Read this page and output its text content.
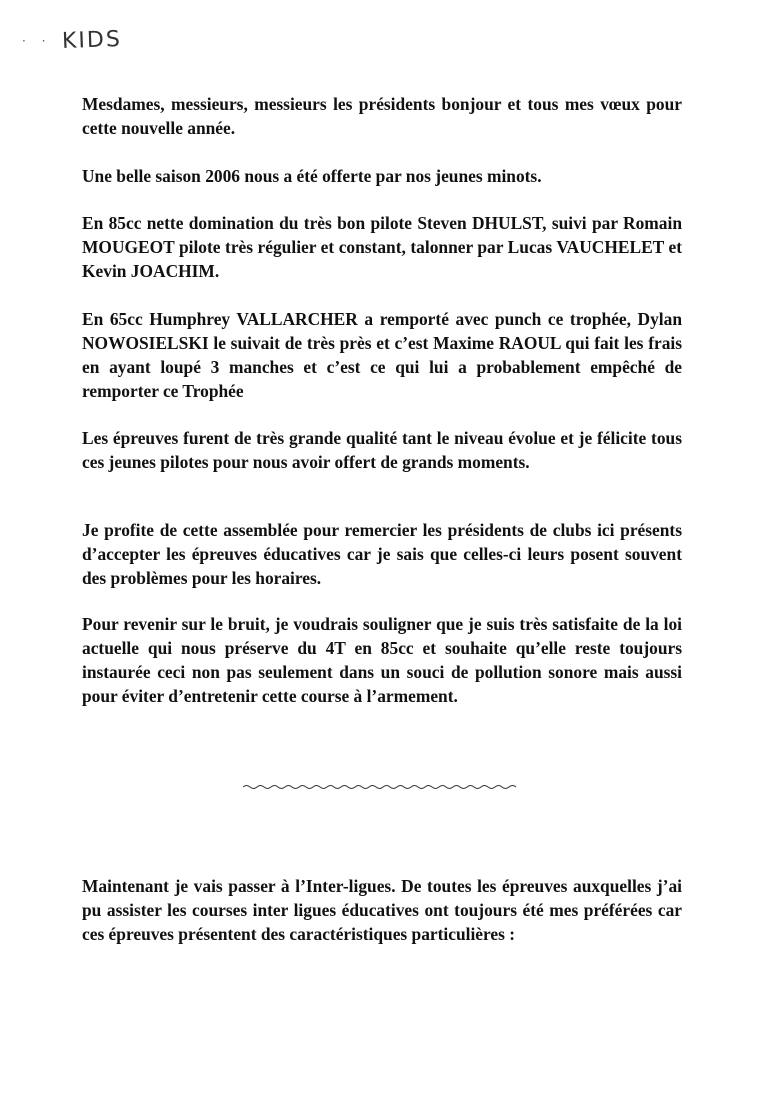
· · KIDS

Mesdames, messieurs, messieurs les présidents bonjour et tous mes vœux pour cette nouvelle année.

Une belle saison 2006 nous a été offerte par nos jeunes minots.

En 85cc nette domination du très bon pilote Steven DHULST, suivi par Romain MOUGEOT pilote très régulier et constant, talonner par Lucas VAUCHELET et Kevin JOACHIM.

En 65cc Humphrey VALLARCHER a remporté avec punch ce trophée, Dylan NOWOSIELSKI le suivait de très près et c’est Maxime RAOUL qui fait les frais en ayant loupé 3 manches et c’est ce qui lui a probablement empêché de remporter ce Trophée

Les épreuves furent de très grande qualité tant le niveau évolue et je félicite tous ces jeunes pilotes pour nous avoir offert de grands moments.

Je profite de cette assemblée pour remercier les présidents de clubs ici présents d’accepter les épreuves éducatives car je sais que celles-ci leurs posent souvent des problèmes pour les horaires.

Pour revenir sur le bruit, je voudrais souligner que je suis très satisfaite de la loi actuelle qui nous préserve du 4T en 85cc et souhaite qu’elle reste toujours instaurée ceci non pas seulement dans un souci de pollution sonore mais aussi pour éviter d’entretenir cette course à l’armement.

Maintenant je vais passer à l’Inter-ligues. De toutes les épreuves auxquelles j’ai pu assister les courses inter ligues éducatives ont toujours été mes préférées car ces épreuves présentent des caractéristiques particulières :
